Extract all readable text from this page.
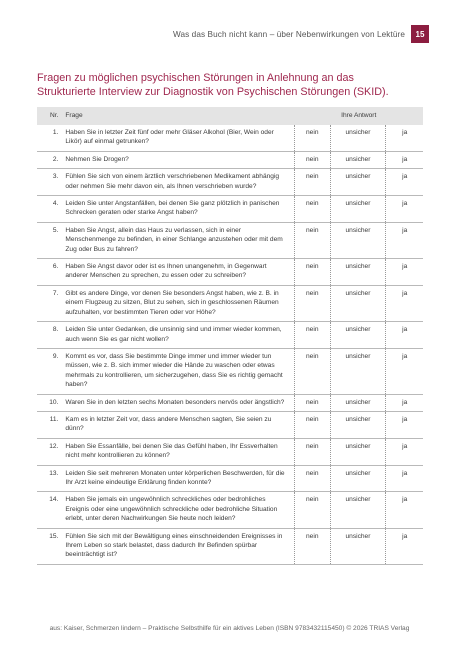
Was das Buch nicht kann – über Nebenwirkungen von Lektüre	15
Fragen zu möglichen psychischen Störungen in Anlehnung an das
Strukturierte Interview zur Diagnostik von Psychischen Störungen (SKID).
Nr.	Frage	Ihre Antwort		
1.	Haben Sie in letzter Zeit fünf oder mehr Gläser Alkohol (Bier, Wein oder Likör) auf einmal getrunken?	nein	unsicher	ja
2.	Nehmen Sie Drogen?	nein	unsicher	ja
3.	Fühlen Sie sich von einem ärztlich verschriebenen Medikament abhängig oder nehmen Sie mehr davon ein, als Ihnen verschrieben wurde?	nein	unsicher	ja
4.	Leiden Sie unter Angstanfällen, bei denen Sie ganz plötzlich in panischen Schrecken geraten oder starke Angst haben?	nein	unsicher	ja
5.	Haben Sie Angst, allein das Haus zu verlassen, sich in einer Menschenmenge zu befinden, in einer Schlange anzustehen oder mit dem Zug oder Bus zu fahren?	nein	unsicher	ja
6.	Haben Sie Angst davor oder ist es Ihnen unangenehm, in Gegenwart anderer Menschen zu sprechen, zu essen oder zu schreiben?	nein	unsicher	ja
7.	Gibt es andere Dinge, vor denen Sie besonders Angst haben, wie z. B. in einem Flugzeug zu sitzen, Blut zu sehen, sich in geschlossenen Räumen aufzuhalten, vor bestimmten Tieren oder vor Höhe?	nein	unsicher	ja
8.	Leiden Sie unter Gedanken, die unsinnig sind und immer wieder kommen, auch wenn Sie es gar nicht wollen?	nein	unsicher	ja
9.	Kommt es vor, dass Sie bestimmte Dinge immer und immer wieder tun müssen, wie z. B. sich immer wieder die Hände zu waschen oder etwas mehrmals zu kontrollieren, um sicherzugehen, dass Sie es richtig gemacht haben?	nein	unsicher	ja
10.	Waren Sie in den letzten sechs Monaten besonders nervös oder ängstlich?	nein	unsicher	ja
11.	Kam es in letzter Zeit vor, dass andere Menschen sagten, Sie seien zu dünn?	nein	unsicher	ja
12.	Haben Sie Essanfälle, bei denen Sie das Gefühl haben, Ihr Essverhalten nicht mehr kontrollieren zu können?	nein	unsicher	ja
13.	Leiden Sie seit mehreren Monaten unter körperlichen Beschwerden, für die Ihr Arzt keine eindeutige Erklärung finden konnte?	nein	unsicher	ja
14.	Haben Sie jemals ein ungewöhnlich schreckliches oder bedrohliches Ereignis oder eine ungewöhnlich schreckliche oder bedrohliche Situation erlebt, unter deren Nachwirkungen Sie heute noch leiden?	nein	unsicher	ja
15.	Fühlen Sie sich mit der Bewältigung eines einschneidenden Ereignisses in Ihrem Leben so stark belastet, dass dadurch Ihr Befinden spürbar beeinträchtigt ist?	nein	unsicher	ja
aus: Kaiser, Schmerzen lindern – Praktische Selbsthilfe für ein aktives Leben (ISBN 9783432115450) © 2026 TRIAS Verlag
